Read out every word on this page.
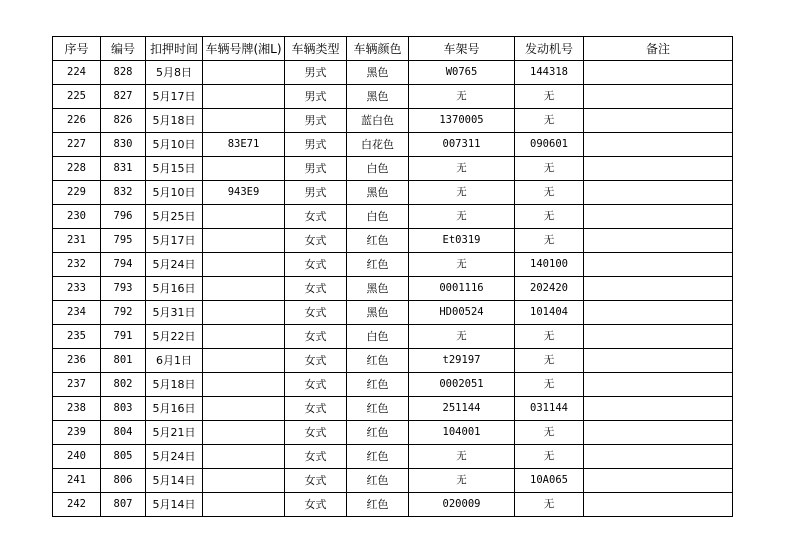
序号	编号	扣押时间	车辆号牌(湘L)	车辆类型	车辆颜色	车架号	发动机号	备注
224	828	5月8日		男式	黑色	W0765	144318	
225	827	5月17日		男式	黑色	无	无	
226	826	5月18日		男式	蓝白色	1370005	无	
227	830	5月10日	83E71	男式	白花色	007311	090601	
228	831	5月15日		男式	白色	无	无	
229	832	5月10日	943E9	男式	黑色	无	无	
230	796	5月25日		女式	白色	无	无	
231	795	5月17日		女式	红色	Et0319	无	
232	794	5月24日		女式	红色	无	140100	
233	793	5月16日		女式	黑色	0001116	202420	
234	792	5月31日		女式	黑色	HD00524	101404	
235	791	5月22日		女式	白色	无	无	
236	801	6月1日		女式	红色	t29197	无	
237	802	5月18日		女式	红色	0002051	无	
238	803	5月16日		女式	红色	251144	031144	
239	804	5月21日		女式	红色	104001	无	
240	805	5月24日		女式	红色	无	无	
241	806	5月14日		女式	红色	无	10A065	
242	807	5月14日		女式	红色	020009	无	
